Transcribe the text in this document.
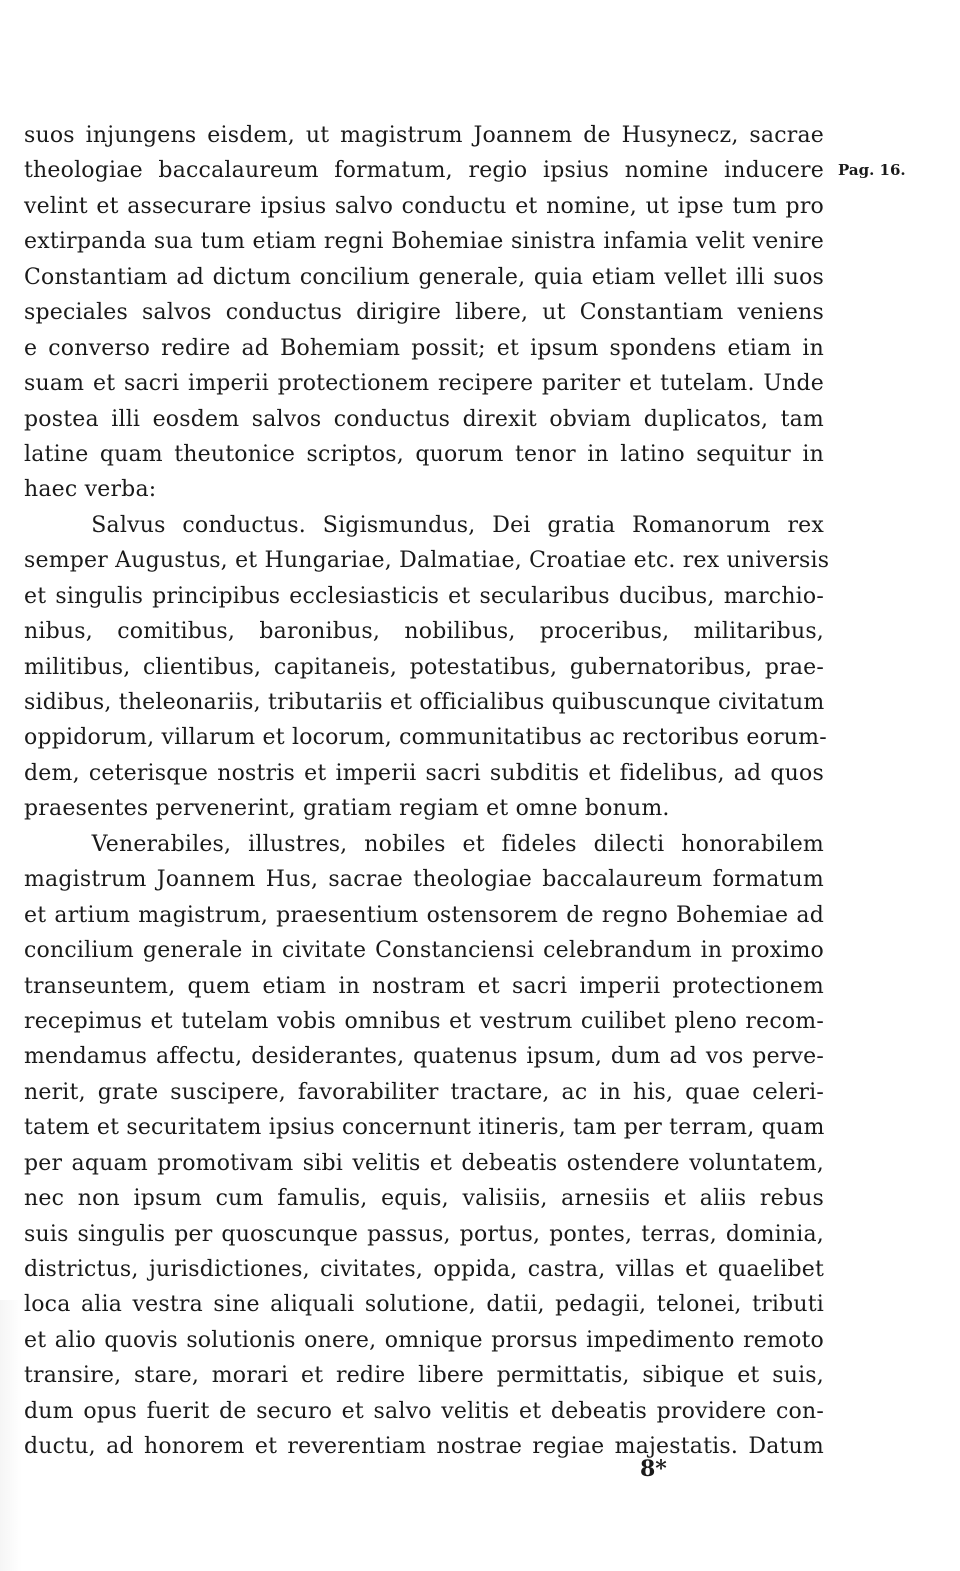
Pag. 16.
suos injungens eisdem, ut magistrum Joannem de Husynecz, sacrae
theologiae baccalaureum formatum, regio ipsius nomine inducere
velint et assecurare ipsius salvo conductu et nomine, ut ipse tum pro
extirpanda sua tum etiam regni Bohemiae sinistra infamia velit venire
Constantiam ad dictum concilium generale, quia etiam vellet illi suos
speciales salvos conductus dirigire libere, ut Constantiam veniens
e converso redire ad Bohemiam possit; et ipsum spondens etiam in
suam et sacri imperii protectionem recipere pariter et tutelam. Unde
postea illi eosdem salvos conductus direxit obviam duplicatos, tam
latine quam theutonice scriptos, quorum tenor in latino sequitur in
haec verba:
Salvus conductus. Sigismundus, Dei gratia Romanorum rex
semper Augustus, et Hungariae, Dalmatiae, Croatiae etc. rex universis
et singulis principibus ecclesiasticis et secularibus ducibus, marchio-
nibus, comitibus, baronibus, nobilibus, proceribus, militaribus,
militibus, clientibus, capitaneis, potestatibus, gubernatoribus, prae-
sidibus, theleonariis, tributariis et officialibus quibuscunque civitatum
oppidorum, villarum et locorum, communitatibus ac rectoribus eorum-
dem, ceterisque nostris et imperii sacri subditis et fidelibus, ad quos
praesentes pervenerint, gratiam regiam et omne bonum.
Venerabiles, illustres, nobiles et fideles dilecti honorabilem
magistrum Joannem Hus, sacrae theologiae baccalaureum formatum
et artium magistrum, praesentium ostensorem de regno Bohemiae ad
concilium generale in civitate Constanciensi celebrandum in proximo
transeuntem, quem etiam in nostram et sacri imperii protectionem
recepimus et tutelam vobis omnibus et vestrum cuilibet pleno recom-
mendamus affectu, desiderantes, quatenus ipsum, dum ad vos perve-
nerit, grate suscipere, favorabiliter tractare, ac in his, quae celeri-
tatem et securitatem ipsius concernunt itineris, tam per terram, quam
per aquam promotivam sibi velitis et debeatis ostendere voluntatem,
nec non ipsum cum famulis, equis, valisiis, arnesiis et aliis rebus
suis singulis per quoscunque passus, portus, pontes, terras, dominia,
districtus, jurisdictiones, civitates, oppida, castra, villas et quaelibet
loca alia vestra sine aliquali solutione, datii, pedagii, telonei, tributi
et alio quovis solutionis onere, omnique prorsus impedimento remoto
transire, stare, morari et redire libere permittatis, sibique et suis,
dum opus fuerit de securo et salvo velitis et debeatis providere con-
ductu, ad honorem et reverentiam nostrae regiae majestatis. Datum
8*
